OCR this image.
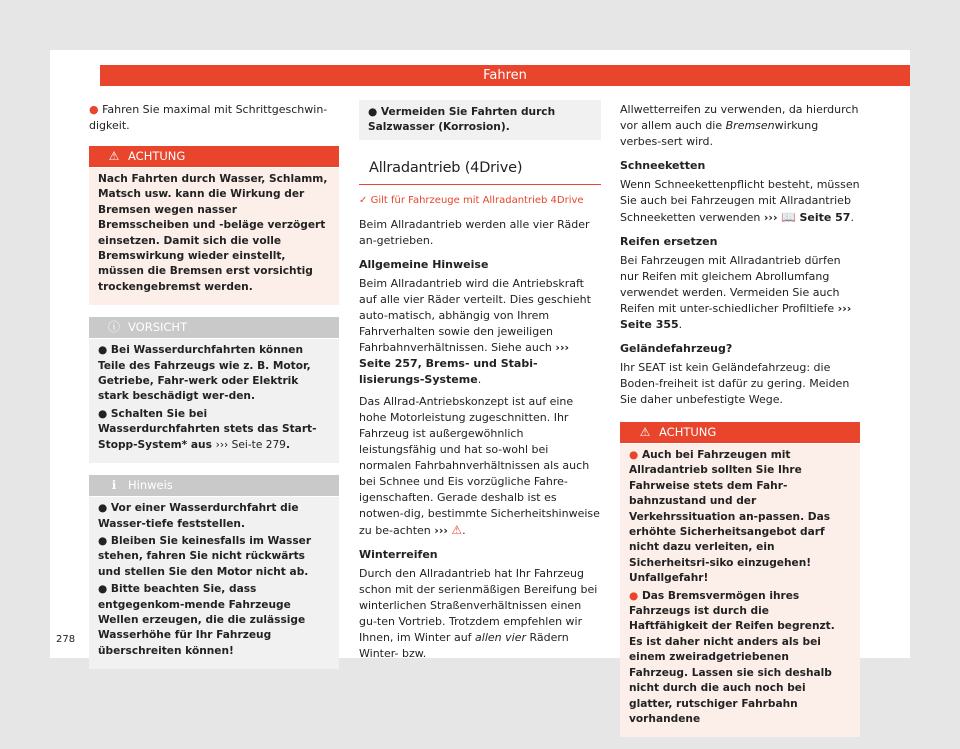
Fahren

● Fahren Sie maximal mit Schrittgeschwin-digkeit.

⚠ ACHTUNG

Nach Fahrten durch Wasser, Schlamm, Matsch usw. kann die Wirkung der Bremsen wegen nasser Bremsscheiben und -beläge verzögert einsetzen. Damit sich die volle Bremswirkung wieder einstellt, müssen die Bremsen erst vorsichtig trockengebremst werden.

ⓘ VORSICHT

● Bei Wasserdurchfahrten können Teile des Fahrzeugs wie z. B. Motor, Getriebe, Fahr-werk oder Elektrik stark beschädigt wer-den.

● Schalten Sie bei Wasserdurchfahrten stets das Start-Stopp-System* aus ››› Sei-te 279.

ℹ	Hinweis

● Vor einer Wasserdurchfahrt die Wasser-tiefe feststellen.

● Bleiben Sie keinesfalls im Wasser stehen, fahren Sie nicht rückwärts und stellen Sie den Motor nicht ab.

● Bitte beachten Sie, dass entgegenkom-mende Fahrzeuge Wellen erzeugen, die die zulässige Wasserhöhe für Ihr Fahrzeug überschreiten können!

● Vermeiden Sie Fahrten durch Salzwasser (Korrosion).
Allradantrieb (4Drive)
✓ Gilt für Fahrzeuge mit Allradantrieb 4Drive

Beim Allradantrieb werden alle vier Räder an-getrieben.

Allgemeine Hinweise

Beim Allradantrieb wird die Antriebskraft auf alle vier Räder verteilt. Dies geschieht auto-matisch, abhängig von Ihrem Fahrverhalten sowie den jeweiligen Fahrbahnverhältnissen. Siehe auch ››› Seite 257, Brems- und Stabi-lisierungs-Systeme.

Das Allrad-Antriebskonzept ist auf eine hohe Motorleistung zugeschnitten. Ihr Fahrzeug ist außergewöhnlich leistungsfähig und hat so-wohl bei normalen Fahrbahnverhältnissen als auch bei Schnee und Eis vorzügliche Fahre-igenschaften. Gerade deshalb ist es notwen-dig, bestimmte Sicherheitshinweise zu be-achten ››› ⚠.

Winterreifen

Durch den Allradantrieb hat Ihr Fahrzeug schon mit der serienmäßigen Bereifung bei winterlichen Straßenverhältnissen einen gu-ten Vortrieb. Trotzdem empfehlen wir Ihnen, im Winter auf allen vier Rädern Winter- bzw.

Allwetterreifen zu verwenden, da hierdurch vor allem auch die Bremsenwirkung verbes-sert wird.

Schneeketten

Wenn Schneekettenpflicht besteht, müssen Sie auch bei Fahrzeugen mit Allradantrieb Schneeketten verwenden ››› 📖 Seite 57.

Reifen ersetzen

Bei Fahrzeugen mit Allradantrieb dürfen nur Reifen mit gleichem Abrollumfang verwendet werden. Vermeiden Sie auch Reifen mit unter-schiedlicher Profiltiefe ››› Seite 355.

Geländefahrzeug?

Ihr SEAT ist kein Geländefahrzeug: die Boden-freiheit ist dafür zu gering. Meiden Sie daher unbefestigte Wege.

⚠ ACHTUNG

● Auch bei Fahrzeugen mit Allradantrieb sollten Sie Ihre Fahrweise stets dem Fahr-bahnzustand und der Verkehrssituation an-passen. Das erhöhte Sicherheitsangebot darf nicht dazu verleiten, ein Sicherheitsri-siko einzugehen! Unfallgefahr!

● Das Bremsvermögen ihres Fahrzeugs ist durch die Haftfähigkeit der Reifen begrenzt. Es ist daher nicht anders als bei einem zweiradgetriebenen Fahrzeug. Lassen sie sich deshalb nicht durch die auch noch bei glatter, rutschiger Fahrbahn vorhandene

278
